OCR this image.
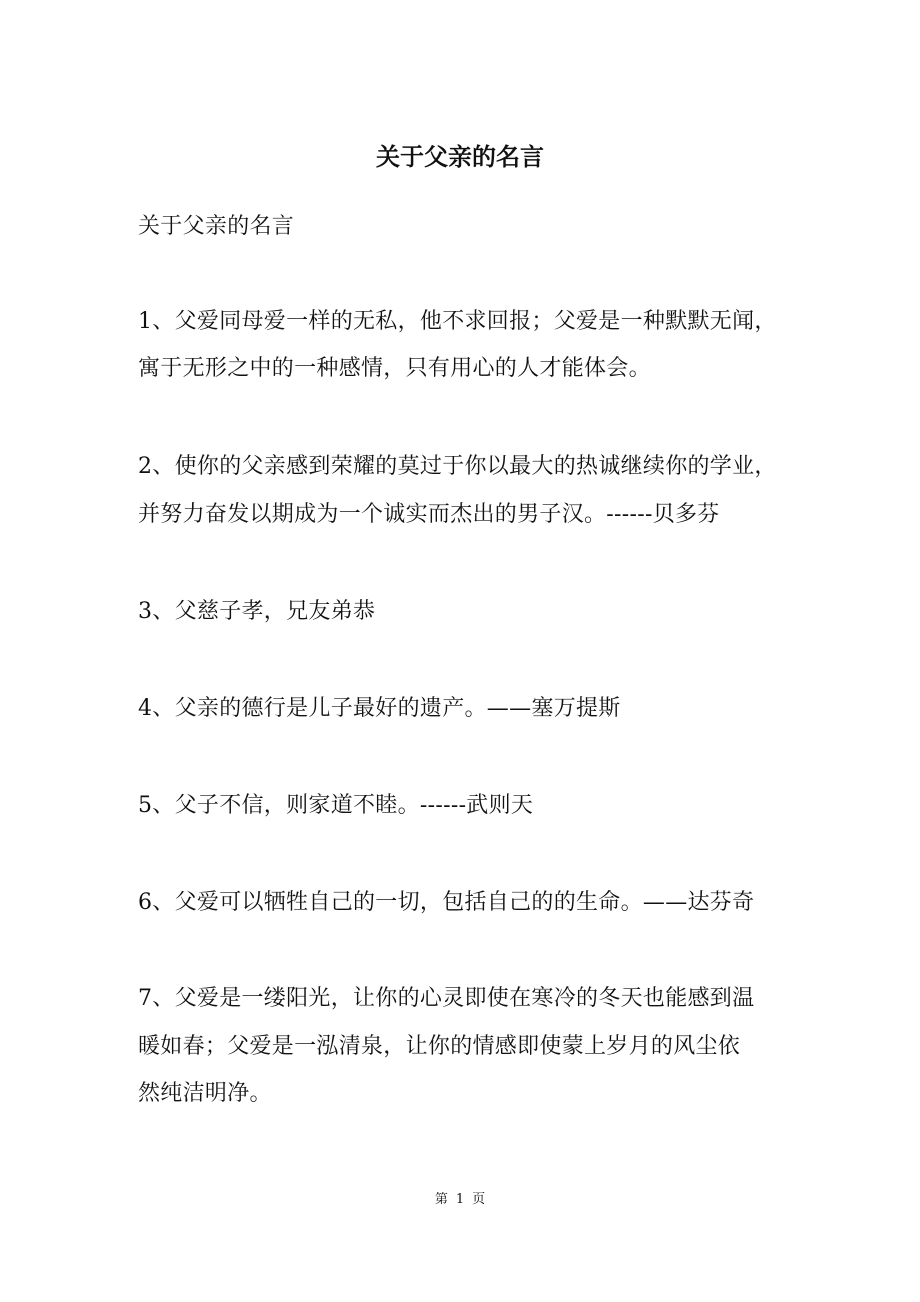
关于父亲的名言
关于父亲的名言
1、父爱同母爱一样的无私，他不求回报；父爱是一种默默无闻，
寓于无形之中的一种感情，只有用心的人才能体会。
2、使你的父亲感到荣耀的莫过于你以最大的热诚继续你的学业，
并努力奋发以期成为一个诚实而杰出的男子汉。------贝多芬
3、父慈子孝，兄友弟恭
4、父亲的德行是儿子最好的遗产。——塞万提斯
5、父子不信，则家道不睦。------武则天
6、父爱可以牺牲自己的一切，包括自己的的生命。——达芬奇
7、父爱是一缕阳光，让你的心灵即使在寒冷的冬天也能感到温
暖如春；父爱是一泓清泉，让你的情感即使蒙上岁月的风尘依
然纯洁明净。
第 1 页
